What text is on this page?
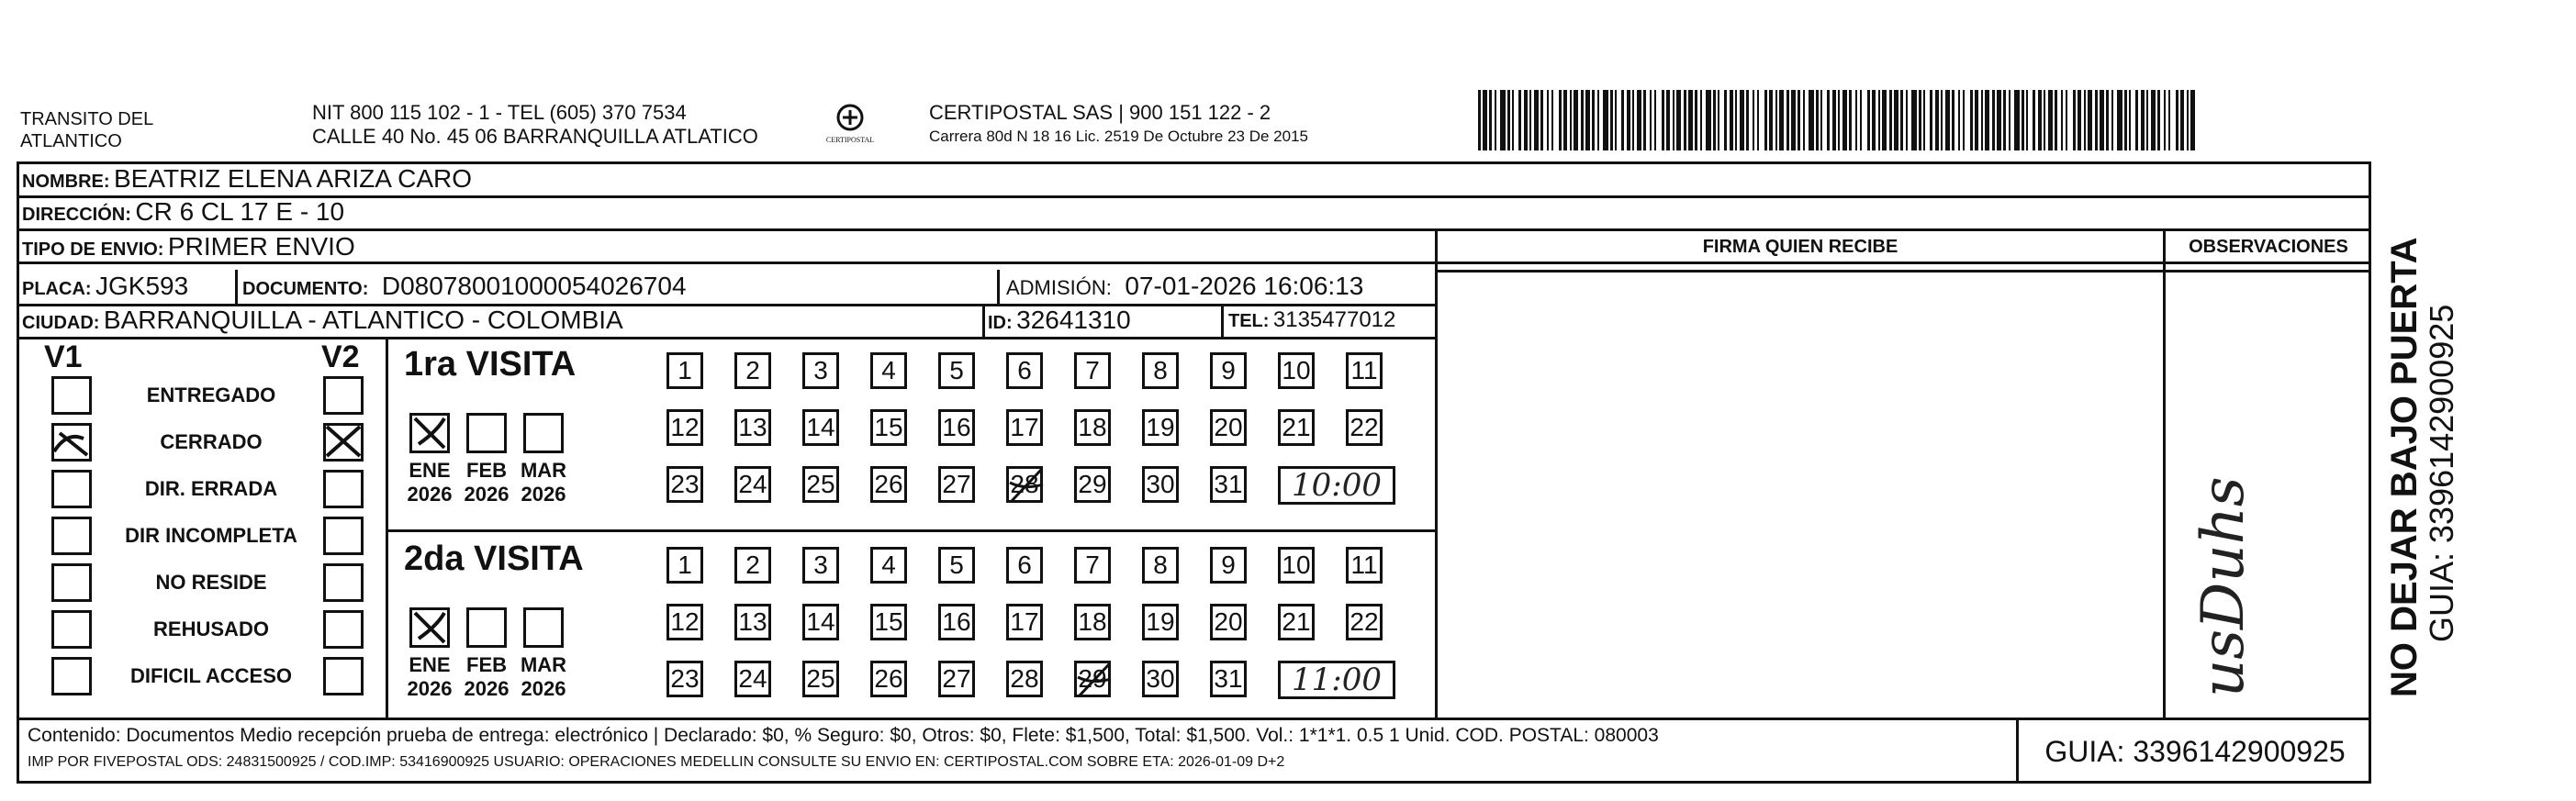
TRANSITO DEL
ATLANTICO
NIT 800 115 102 - 1 - TEL (605) 370 7534
CALLE 40 No. 45 06 BARRANQUILLA ATLATICO	CERTIPOSTAL
CERTIPOSTAL SAS | 900 151 122 - 2
Carrera 80d N 18 16 Lic. 2519 De Octubre 23 De 2015
NOMBRE: BEATRIZ ELENA ARIZA CARO
DIRECCIÓN: CR 6 CL 17 E - 10
TIPO DE ENVIO: PRIMER ENVIO
PLACA: JGK593	DOCUMENTO: D08078001000054026704	ADMISIÓN: 07-01-2026 16:06:13
CIUDAD: BARRANQUILLA - ATLANTICO - COLOMBIA	ID: 32641310	TEL: 3135477012
FIRMA QUIEN RECIBE	OBSERVACIONES
V1	V2
ENTREGADO
CERRADO
DIR. ERRADA
DIR INCOMPLETA
NO RESIDE
REHUSADO
DIFICIL ACCESO
1ra VISITA
ENE
2026
FEB
2026
MAR
2026
1	2	3	4	5	6	7	8	9	10 11
12 13 14 15 16 17 18 19 20 21 22
23 24 25 26 27 28 29 30 31	10:00
2da VISITA
ENE
2026
FEB
2026
MAR
2026
1	2	3	4	5	6	7	8	9	10 11
12 13 14 15 16 17 18 19 20 21 22
23 24 25 26 27 28 29 30 31	11:00	usDuhs
Contenido: Documentos Medio recepción prueba de entrega: electrónico | Declarado: $0, % Seguro: $0, Otros: $0, Flete: $1,500, Total: $1,500. Vol.: 1*1*1. 0.5 1 Unid. COD. POSTAL: 080003
IMP POR FIVEPOSTAL ODS: 24831500925 / COD.IMP: 53416900925 USUARIO: OPERACIONES MEDELLIN CONSULTE SU ENVIO EN: CERTIPOSTAL.COM SOBRE ETA: 2026-01-09 D+2	GUIA: 3396142900925
NO DEJAR BAJO PUERTA
GUIA: 3396142900925
